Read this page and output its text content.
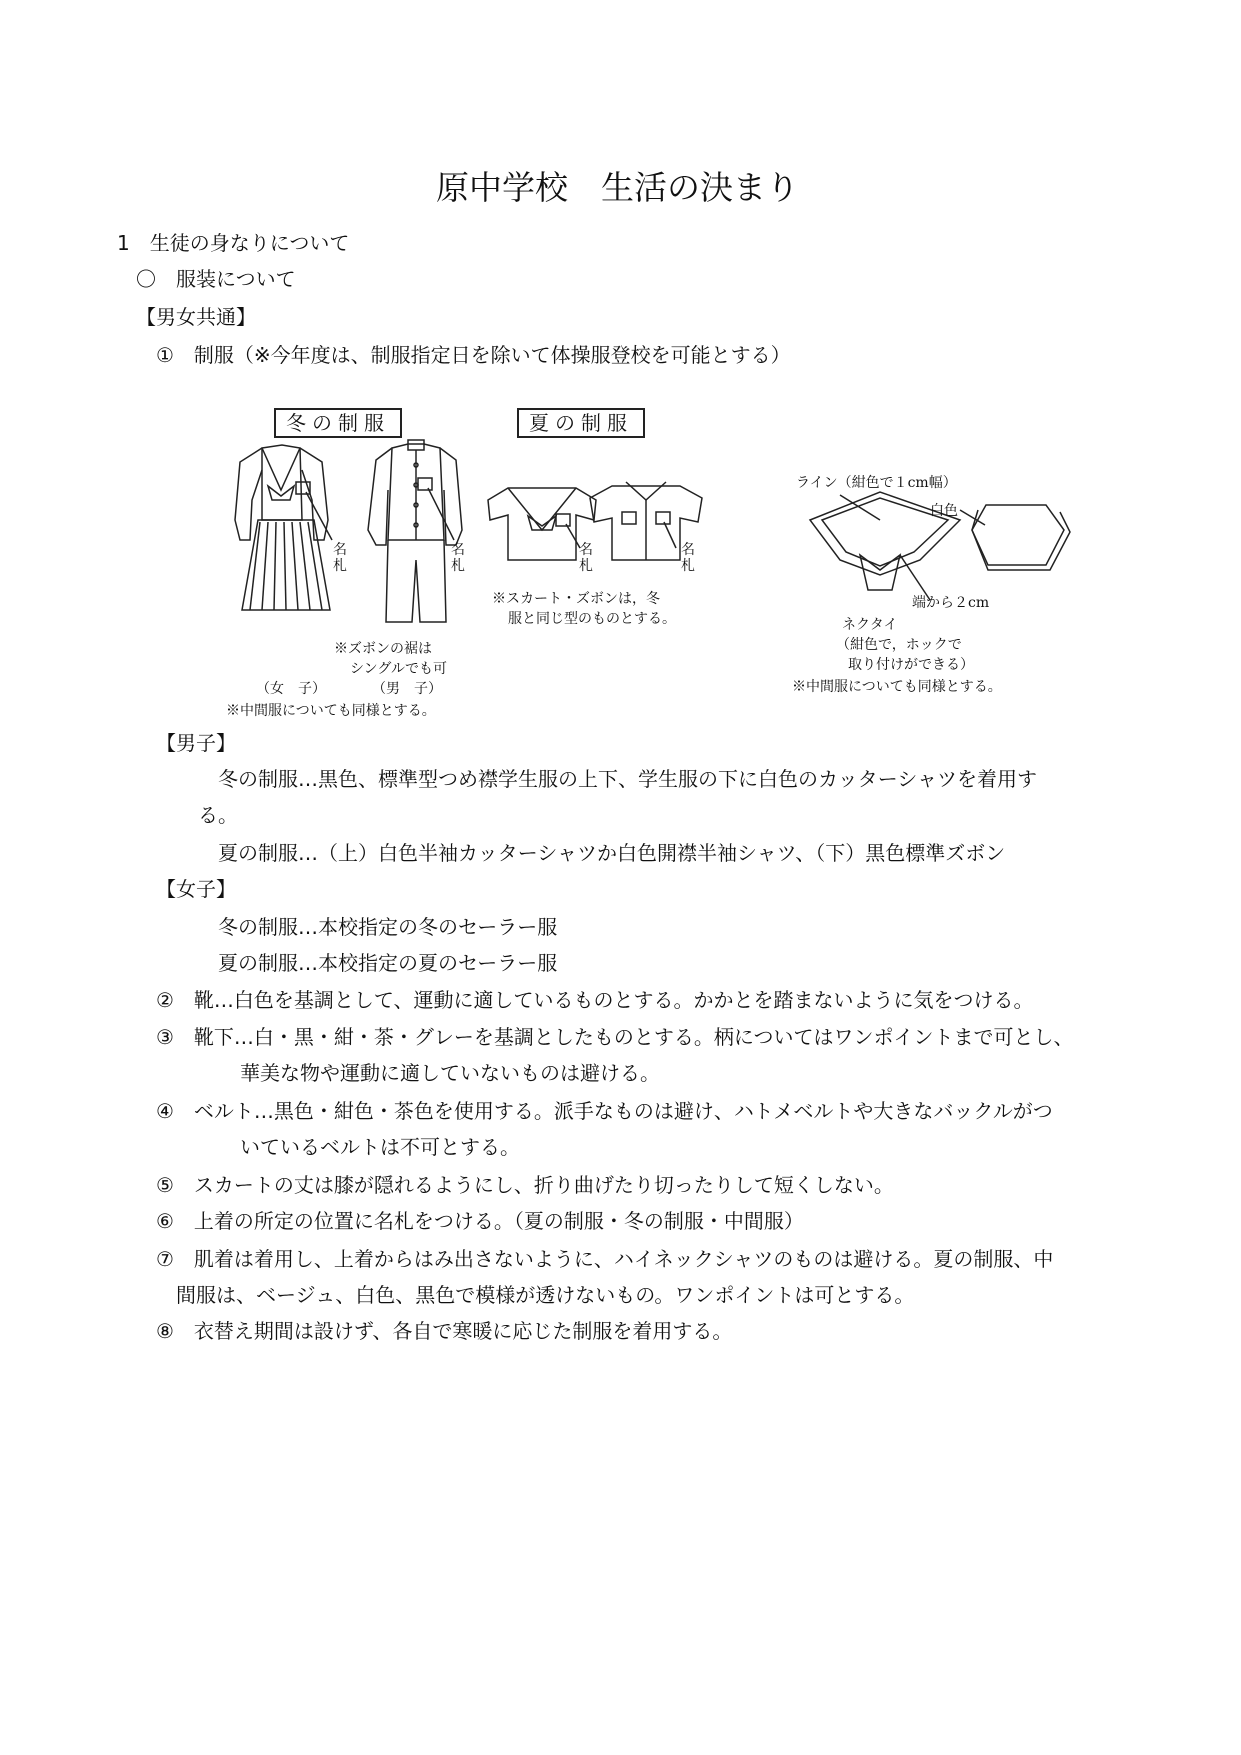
原中学校　生活の決まり
1　生徒の身なりについて
〇　服装について
【男女共通】
①　制服（※今年度は、制服指定日を除いて体操服登校を可能とする）
冬の制服	夏の制服
名札
名札
名札
名札
※ズボンの裾は
シングルでも可
（女　子）	（男　子）
※中間服についても同様とする。
※スカート・ズボンは，冬
服と同じ型のものとする。
ライン（紺色で１cm幅）
白色
端から２cm
ネクタイ
（紺色で，ホックで
取り付けができる）
※中間服についても同様とする。
【男子】
冬の制服…黒色、標準型つめ襟学生服の上下、学生服の下に白色のカッターシャツを着用す
る。
夏の制服…（上）白色半袖カッターシャツか白色開襟半袖シャツ、（下）黒色標準ズボン
【女子】
冬の制服…本校指定の冬のセーラー服
夏の制服…本校指定の夏のセーラー服
②　靴…白色を基調として、運動に適しているものとする。かかとを踏まないように気をつける。
③　靴下…白・黒・紺・茶・グレーを基調としたものとする。柄についてはワンポイントまで可とし、
華美な物や運動に適していないものは避ける。
④　ベルト…黒色・紺色・茶色を使用する。派手なものは避け、ハトメベルトや大きなバックルがつ
いているベルトは不可とする。
⑤　スカートの丈は膝が隠れるようにし、折り曲げたり切ったりして短くしない。
⑥　上着の所定の位置に名札をつける。（夏の制服・冬の制服・中間服）
⑦　肌着は着用し、上着からはみ出さないように、ハイネックシャツのものは避ける。夏の制服、中
間服は、ベージュ、白色、黒色で模様が透けないもの。ワンポイントは可とする。
⑧　衣替え期間は設けず、各自で寒暖に応じた制服を着用する。
